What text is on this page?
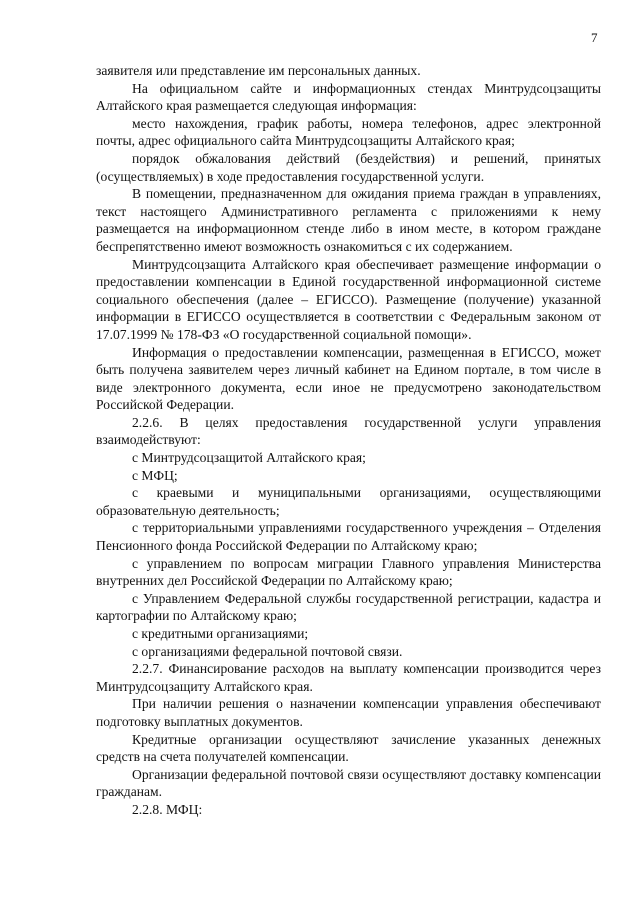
7

заявителя или представление им персональных данных.

На официальном сайте и информационных стендах Минтрудсоцзащиты Алтайского края размещается следующая информация:

место нахождения, график работы, номера телефонов, адрес электронной почты, адрес официального сайта Минтрудсоцзащиты Алтайского края;

порядок обжалования действий (бездействия) и решений, принятых (осуществляемых) в ходе предоставления государственной услуги.

В помещении, предназначенном для ожидания приема граждан в управлениях, текст настоящего Административного регламента с приложениями к нему размещается на информационном стенде либо в ином месте, в котором граждане беспрепятственно имеют возможность ознакомиться с их содержанием.

Минтрудсоцзащита Алтайского края обеспечивает размещение информации о предоставлении компенсации в Единой государственной информационной системе социального обеспечения (далее – ЕГИССО). Размещение (получение) указанной информации в ЕГИССО осуществляется в соответствии с Федеральным законом от 17.07.1999 № 178-ФЗ «О государственной социальной помощи».

Информация о предоставлении компенсации, размещенная в ЕГИССО, может быть получена заявителем через личный кабинет на Едином портале, в том числе в виде электронного документа, если иное не предусмотрено законодательством Российской Федерации.

2.2.6. В целях предоставления государственной услуги управления взаимодействуют:

с Минтрудсоцзащитой Алтайского края;

с МФЦ;

с краевыми и муниципальными организациями, осуществляющими образовательную деятельность;

с территориальными управлениями государственного учреждения – Отделения Пенсионного фонда Российской Федерации по Алтайскому краю;

с управлением по вопросам миграции Главного управления Министерства внутренних дел Российской Федерации по Алтайскому краю;

с Управлением Федеральной службы государственной регистрации, кадастра и картографии по Алтайскому краю;

с кредитными организациями;

с организациями федеральной почтовой связи.

2.2.7. Финансирование расходов на выплату компенсации производится через Минтрудсоцзащиту Алтайского края.

При наличии решения о назначении компенсации управления обеспечивают подготовку выплатных документов.

Кредитные организации осуществляют зачисление указанных денежных средств на счета получателей компенсации.

Организации федеральной почтовой связи осуществляют доставку компенсации гражданам.

2.2.8. МФЦ:
